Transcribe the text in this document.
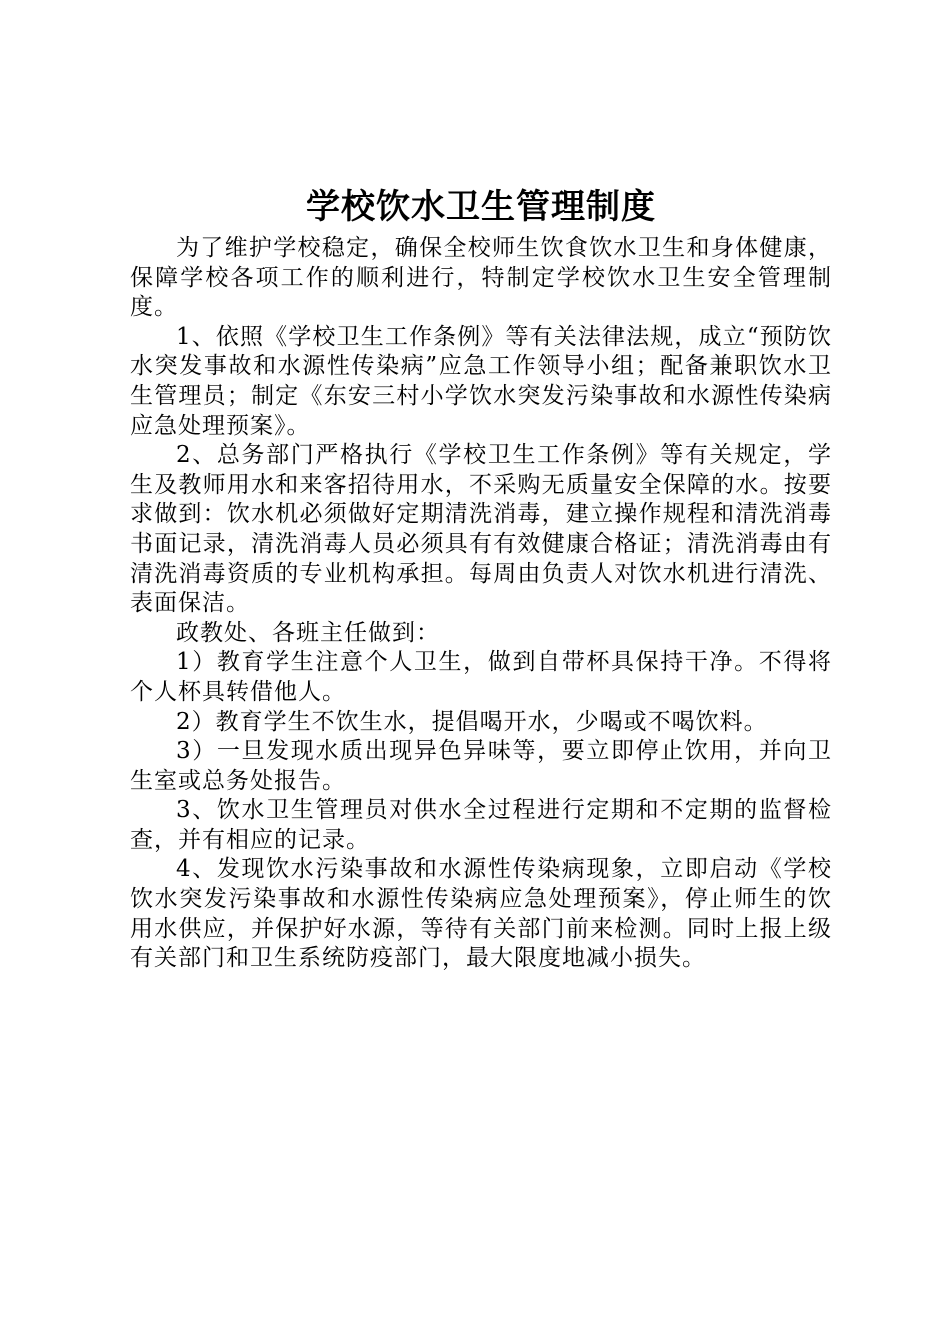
学校饮水卫生管理制度

为了维护学校稳定，确保全校师生饮食饮水卫生和身体健康，保障学校各项工作的顺利进行，特制定学校饮水卫生安全管理制度。

1、依照《学校卫生工作条例》等有关法律法规，成立“预防饮水突发事故和水源性传染病”应急工作领导小组；配备兼职饮水卫生管理员；制定《东安三村小学饮水突发污染事故和水源性传染病应急处理预案》。

2、总务部门严格执行《学校卫生工作条例》等有关规定，学生及教师用水和来客招待用水，不采购无质量安全保障的水。按要求做到：饮水机必须做好定期清洗消毒，建立操作规程和清洗消毒书面记录，清洗消毒人员必须具有有效健康合格证；清洗消毒由有清洗消毒资质的专业机构承担。每周由负责人对饮水机进行清洗、表面保洁。

政教处、各班主任做到：

1）教育学生注意个人卫生，做到自带杯具保持干净。不得将个人杯具转借他人。

2）教育学生不饮生水，提倡喝开水，少喝或不喝饮料。

3）一旦发现水质出现异色异味等，要立即停止饮用，并向卫生室或总务处报告。

3、饮水卫生管理员对供水全过程进行定期和不定期的监督检查，并有相应的记录。

4、发现饮水污染事故和水源性传染病现象，立即启动《学校饮水突发污染事故和水源性传染病应急处理预案》，停止师生的饮用水供应，并保护好水源，等待有关部门前来检测。同时上报上级有关部门和卫生系统防疫部门，最大限度地减小损失。
